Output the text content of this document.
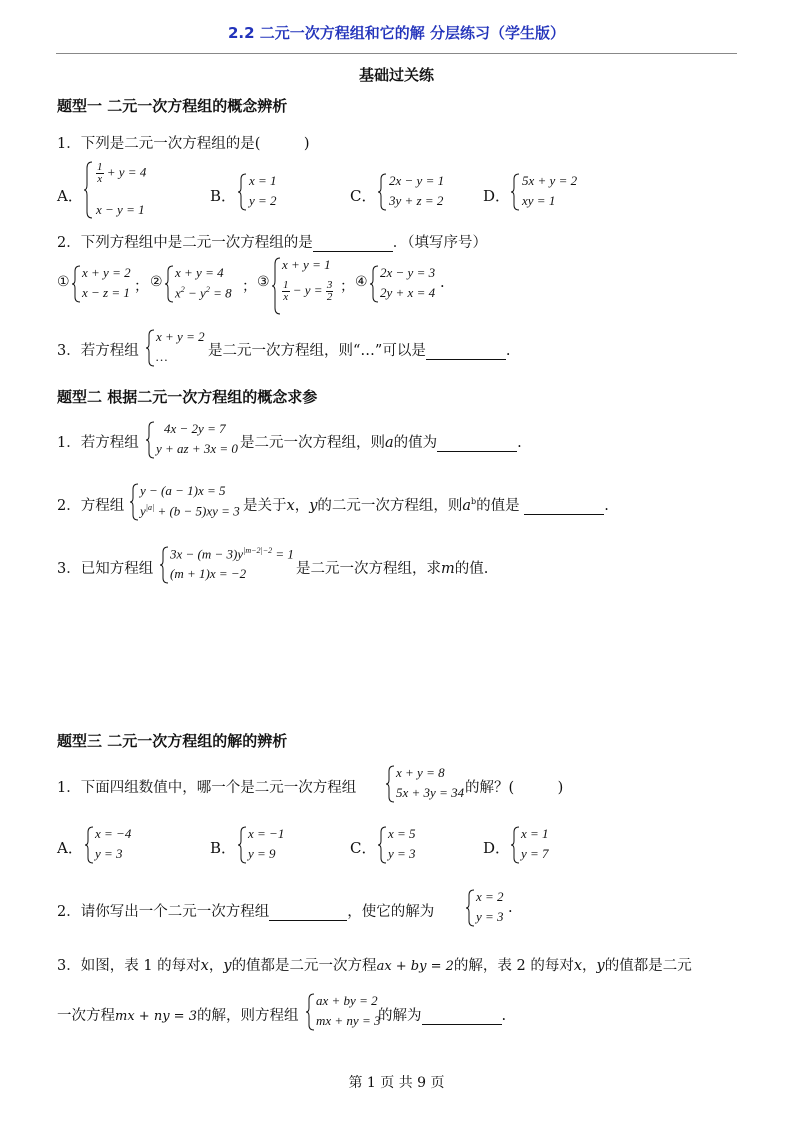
2.2 二元一次方程组和它的解 分层练习（学生版）
基础过关练
题型一 二元一次方程组的概念辨析
1．下列是二元一次方程组的是(　　　)
A．
$\frac{1}{x} + y = 4$
x − y = 1
B．
x = 1
y = 2	C．
2x − y = 1
3y + z = 2	D．
5x + y = 2
xy = 1
2．下列方程组中是二元一次方程组的是	．（填写序号）
①
x + y = 2
x − z = 1 ； ②
x + y = 4
$x^2 - y^2 = 8$ ； ③
x + y = 1
$\frac{1}{x} - y = \frac{3}{2}$ ； ④
2x − y = 3
2y + x = 4
.
3．若方程组
x + y = 2
…	是二元一次方程组，则“…”可以是	.
题型二 根据二元一次方程组的概念求参
1．若方程组
4x − 2y = 7
y + az + 3x = 0 是二元一次方程组，则a的值为	.
2．方程组
y − (a − 1)x = 5
$y^{|a|} + (b - 5)xy = 3$ 是关于x，y的二元一次方程组，则$a^b$的值是	.
3．已知方程组
$3x - (m - 3)y^{|m-2|-2} = 1$
(m + 1)x = −2	是二元一次方程组，求m的值.
题型三 二元一次方程组的解的辨析
1．下面四组数值中，哪一个是二元一次方程组
x + y = 8
5x + 3y = 34 的解？(　　　)
A．
x = −4
y = 3	B．
x = −1
y = 9	C．
x = 5
y = 3	D．
x = 1
y = 7
2．请你写出一个二元一次方程组	，使它的解为
x = 2
y = 3
.
3．如图，表 1 的每对x，y的值都是二元一次方程ax + by = 2的解，表 2 的每对x，y的值都是二元
一次方程mx + ny = 3的解，则方程组
ax + by = 2
mx + ny = 3
的解为	.
第 1 页 共 9 页
